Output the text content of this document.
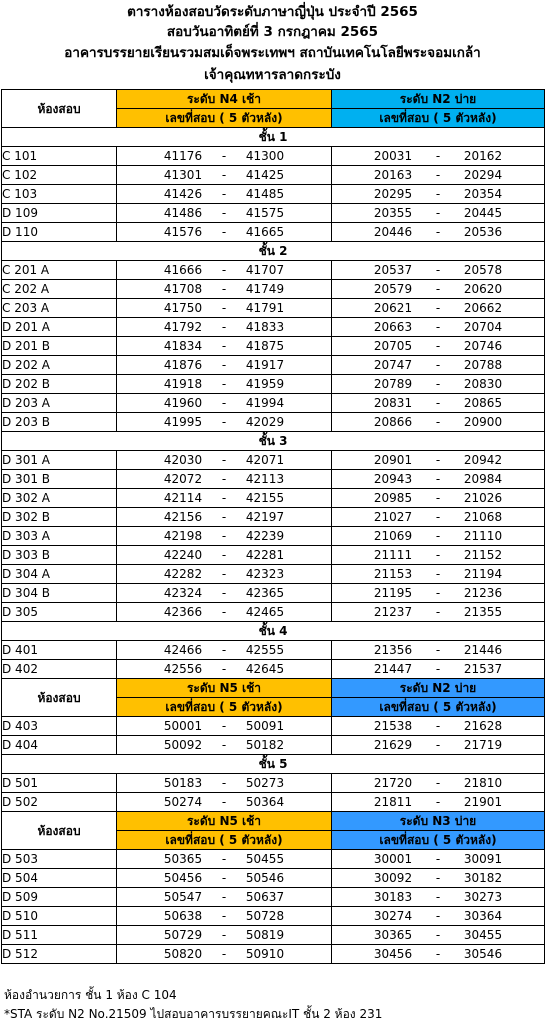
ตารางห้องสอบวัดระดับภาษาญี่ปุ่น ประจำปี 2565
สอบวันอาทิตย์ที่ 3 กรกฎาคม 2565
อาคารบรรยายเรียนรวมสมเด็จพระเทพฯ สถาบันเทคโนโลยีพระจอมเกล้า
เจ้าคุณทหารลาดกระบัง
ห้องสอบ	ระดับ N4 เช้า	ระดับ N2 บ่าย
	เลขที่สอบ ( 5 ตัวหลัง)	เลขที่สอบ ( 5 ตัวหลัง)
ชั้น 1		
C 101	41176 - 41300	20031 - 20162

C 102	41301 - 41425	20163 - 20294

C 103	41426 - 41485	20295 - 20354

D 109	41486 - 41575	20355 - 20445

D 110	41576 - 41665	20446 - 20536

ชั้น 2		
C 201 A	41666 - 41707	20537 - 20578

C 202 A	41708 - 41749	20579 - 20620

C 203 A	41750 - 41791	20621 - 20662

D 201 A	41792 - 41833	20663 - 20704

D 201 B	41834 - 41875	20705 - 20746

D 202 A	41876 - 41917	20747 - 20788

D 202 B	41918 - 41959	20789 - 20830

D 203 A	41960 - 41994	20831 - 20865

D 203 B	41995 - 42029	20866 - 20900

ชั้น 3		
D 301 A	42030 - 42071	20901 - 20942

D 301 B	42072 - 42113	20943 - 20984

D 302 A	42114 - 42155	20985 - 21026

D 302 B	42156 - 42197	21027 - 21068

D 303 A	42198 - 42239	21069 - 21110

D 303 B	42240 - 42281	21111 - 21152

D 304 A	42282 - 42323	21153 - 21194

D 304 B	42324 - 42365	21195 - 21236

D 305	42366 - 42465	21237 - 21355

ชั้น 4		
D 401	42466 - 42555	21356 - 21446

D 402	42556 - 42645	21447 - 21537

ห้องสอบ	ระดับ N5 เช้า	ระดับ N2 บ่าย
	เลขที่สอบ ( 5 ตัวหลัง)	เลขที่สอบ ( 5 ตัวหลัง)
D 403	50001 - 50091	21538 - 21628

D 404	50092 - 50182	21629 - 21719

ชั้น 5		
D 501	50183 - 50273	21720 - 21810

D 502	50274 - 50364	21811 - 21901

ห้องสอบ	ระดับ N5 เช้า	ระดับ N3 บ่าย
	เลขที่สอบ ( 5 ตัวหลัง)	เลขที่สอบ ( 5 ตัวหลัง)
D 503	50365 - 50455	30001 - 30091

D 504	50456 - 50546	30092 - 30182

D 509	50547 - 50637	30183 - 30273

D 510	50638 - 50728	30274 - 30364

D 511	50729 - 50819	30365 - 30455

D 512	50820 - 50910	30456 - 30546
ห้องอำนวยการ ชั้น 1 ห้อง C 104
*STA ระดับ N2 No.21509 ไปสอบอาคารบรรยายคณะIT ชั้น 2 ห้อง 231
